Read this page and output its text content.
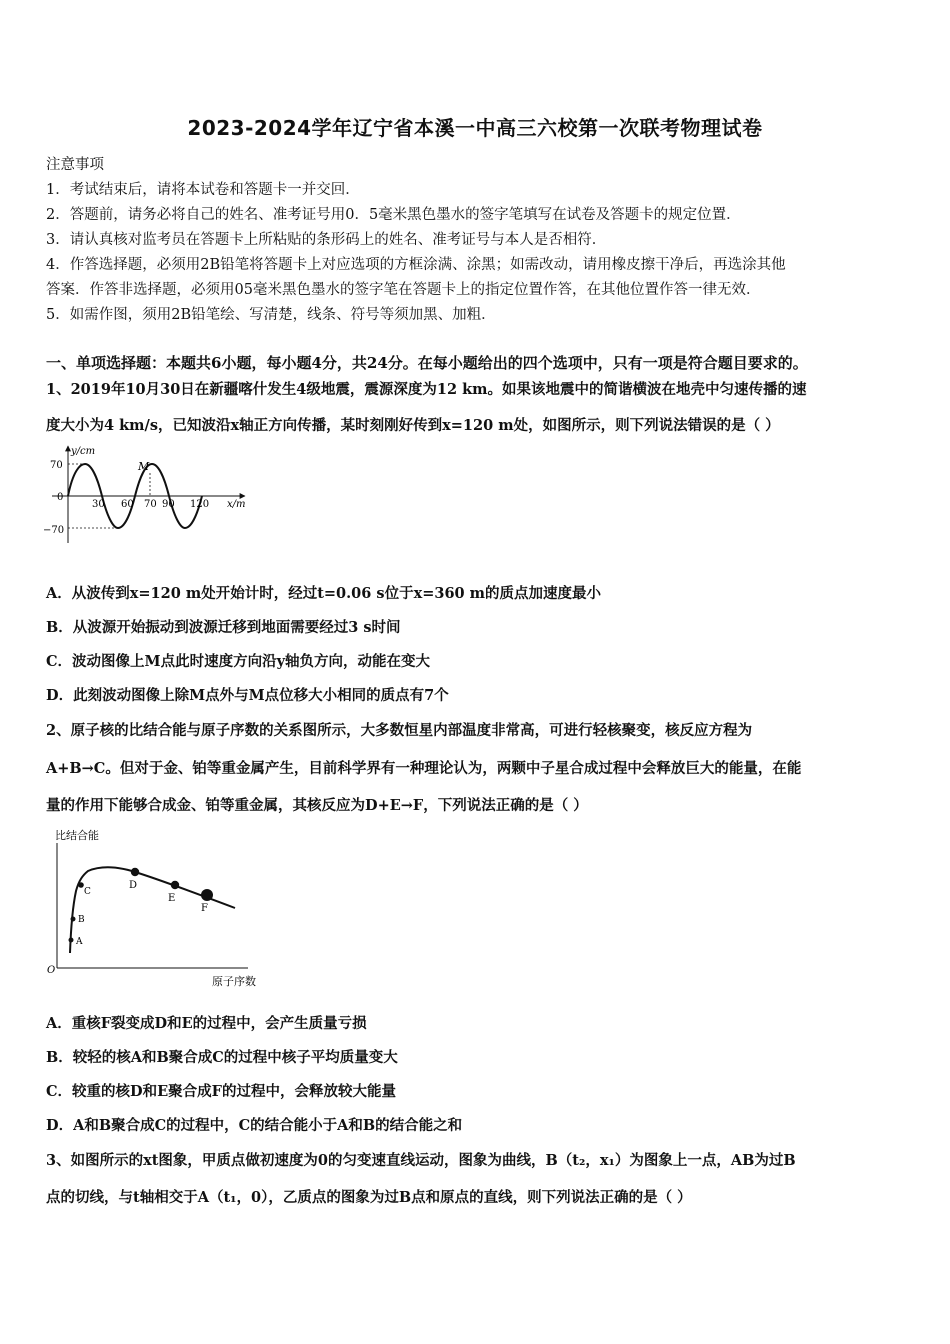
2023-2024学年辽宁省本溪一中高三六校第一次联考物理试卷
注意事项
1．考试结束后，请将本试卷和答题卡一并交回．
2．答题前，请务必将自己的姓名、准考证号用0．5毫米黑色墨水的签字笔填写在试卷及答题卡的规定位置．
3．请认真核对监考员在答题卡上所粘贴的条形码上的姓名、准考证号与本人是否相符．
4．作答选择题，必须用2B铅笔将答题卡上对应选项的方框涂满、涂黑；如需改动，请用橡皮擦干净后，再选涂其他
答案．作答非选择题，必须用05毫米黑色墨水的签字笔在答题卡上的指定位置作答，在其他位置作答一律无效．
5．如需作图，须用2B铅笔绘、写清楚，线条、符号等须加黑、加粗．
一、单项选择题：本题共6小题，每小题4分，共24分。在每小题给出的四个选项中，只有一项是符合题目要求的。
1、2019年10月30日在新疆喀什发生4级地震，震源深度为12 km。如果该地震中的简谐横波在地壳中匀速传播的速
度大小为4 km/s，已知波沿x轴正方向传播，某时刻刚好传到x=120 m处，如图所示，则下列说法错误的是（ ）
y/cm
x/m
70
−70
0
30 60 70 90 120
M
A．从波传到x=120 m处开始计时，经过t=0.06 s位于x=360 m的质点加速度最小
B．从波源开始振动到波源迁移到地面需要经过3 s时间
C．波动图像上M点此时速度方向沿y轴负方向，动能在变大
D．此刻波动图像上除M点外与M点位移大小相同的质点有7个
2、原子核的比结合能与原子序数的关系图所示，大多数恒星内部温度非常高，可进行轻核聚变，核反应方程为
A+B→C。但对于金、铂等重金属产生，目前科学界有一种理论认为，两颗中子星合成过程中会释放巨大的能量，在能
量的作用下能够合成金、铂等重金属，其核反应为D+E→F，下列说法正确的是（ ）
比结合能
原子序数
O
A
B
C
D
E
F
A．重核F裂变成D和E的过程中，会产生质量亏损
B．较轻的核A和B聚合成C的过程中核子平均质量变大
C．较重的核D和E聚合成F的过程中，会释放较大能量
D．A和B聚合成C的过程中，C的结合能小于A和B的结合能之和
3、如图所示的xt图象，甲质点做初速度为0的匀变速直线运动，图象为曲线，B（t₂，x₁）为图象上一点，AB为过B
点的切线，与t轴相交于A（t₁，0），乙质点的图象为过B点和原点的直线，则下列说法正确的是（ ）
